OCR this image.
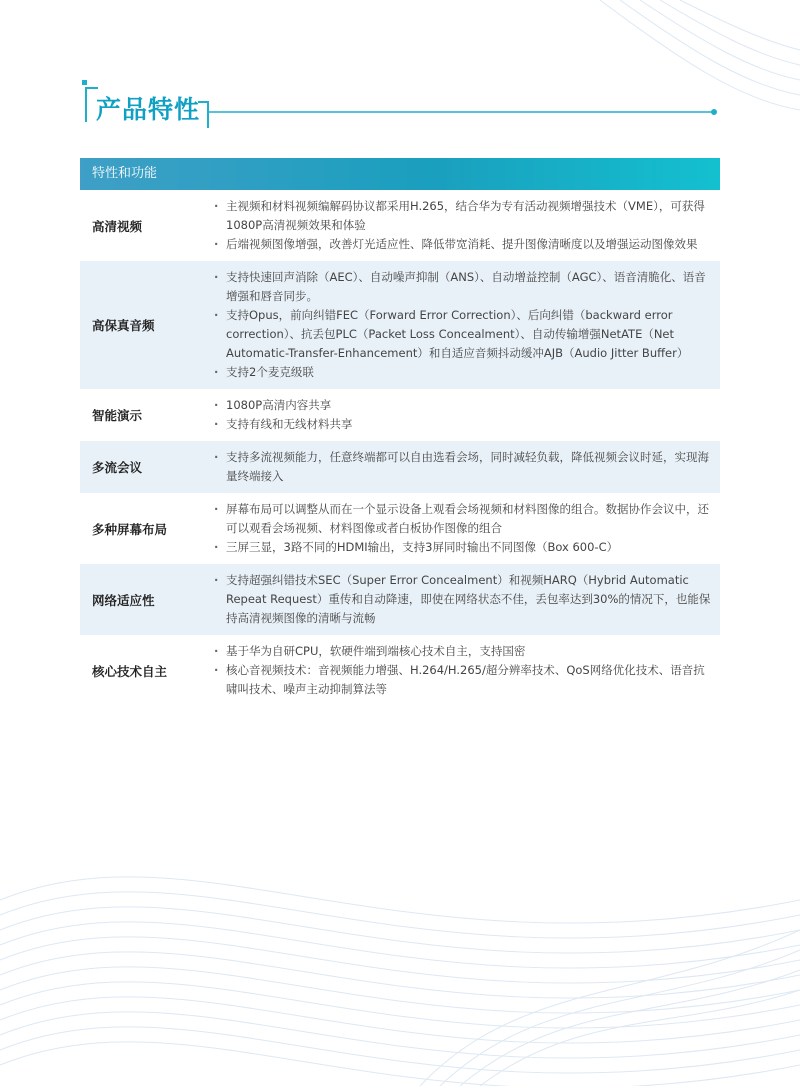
产品特性
特性和功能
高清视频
· 主视频和材料视频编解码协议都采用H.265，结合华为专有活动视频增强技术（VME），可获得1080P高清视频效果和体验
· 后端视频图像增强，改善灯光适应性、降低带宽消耗、提升图像清晰度以及增强运动图像效果
高保真音频
· 支持快速回声消除（AEC）、自动噪声抑制（ANS）、自动增益控制（AGC）、语音清脆化、语音增强和唇音同步。
· 支持Opus，前向纠错FEC（Forward Error Correction）、后向纠错（backward error correction）、抗丢包PLC（Packet Loss Concealment）、自动传输增强NetATE（Net Automatic-Transfer-Enhancement）和自适应音频抖动缓冲AJB（Audio Jitter Buffer）
· 支持2个麦克级联
智能演示
· 1080P高清内容共享
· 支持有线和无线材料共享
多流会议
· 支持多流视频能力，任意终端都可以自由选看会场，同时减轻负载，降低视频会议时延，实现海量终端接入
多种屏幕布局
· 屏幕布局可以调整从而在一个显示设备上观看会场视频和材料图像的组合。数据协作会议中，还可以观看会场视频、材料图像或者白板协作图像的组合
· 三屏三显，3路不同的HDMI输出，支持3屏同时输出不同图像（Box 600-C）
网络适应性
· 支持超强纠错技术SEC（Super Error Concealment）和视频HARQ（Hybrid Automatic Repeat Request）重传和自动降速，即使在网络状态不佳，丢包率达到30%的情况下，也能保持高清视频图像的清晰与流畅
核心技术自主
· 基于华为自研CPU，软硬件端到端核心技术自主，支持国密
· 核心音视频技术：音视频能力增强、H.264/H.265/超分辨率技术、QoS网络优化技术、语音抗啸叫技术、噪声主动抑制算法等
